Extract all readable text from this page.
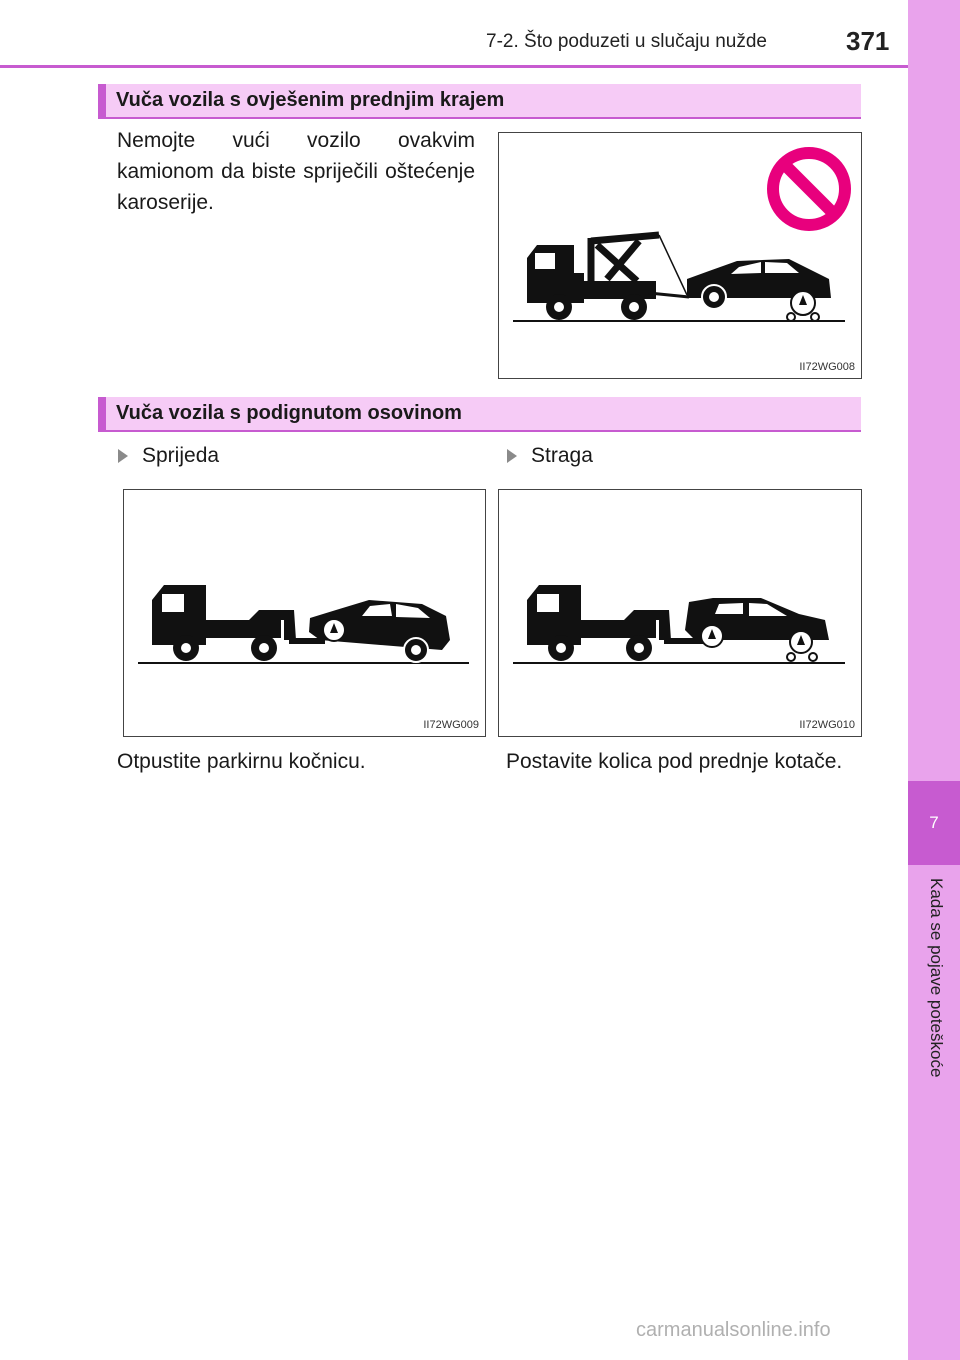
7-2. Što poduzeti u slučaju nužde	371
7
Kada se pojave poteškoće
Vuča vozila s ovješenim prednjim krajem
Nemojte vući vozilo ovakvim kamionom da biste spriječili oštećenje karoserije.
II72WG008
Vuča vozila s podignutom osovinom
Sprijeda	Straga
II72WG009	II72WG010
Otpustite parkirnu kočnicu.	Postavite kolica pod prednje kotače.
carmanualsonline.info
